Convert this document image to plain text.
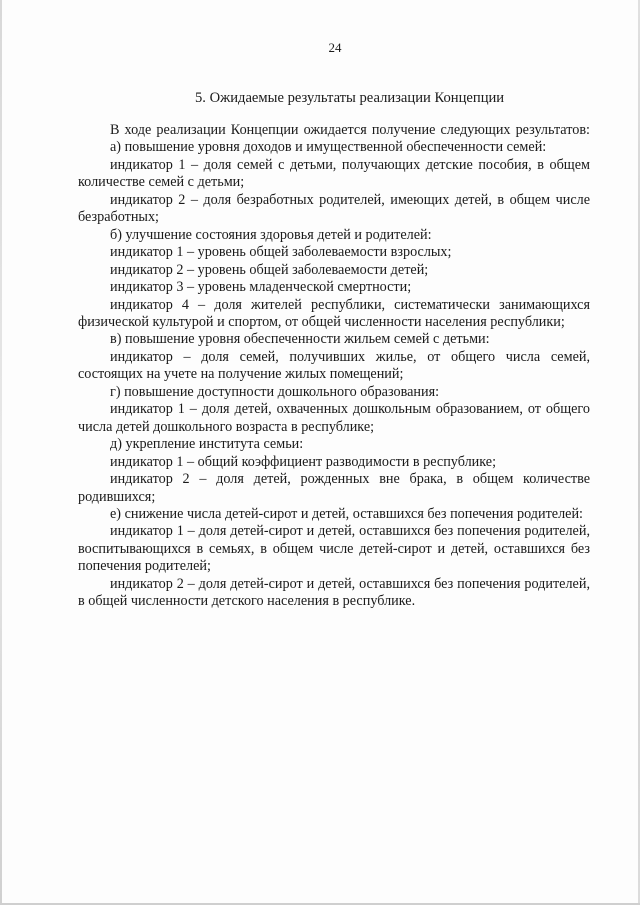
24
5. Ожидаемые результаты реализации Концепции

В ходе реализации Концепции ожидается получение следующих результатов:

а) повышение уровня доходов и имущественной обеспеченности семей:

индикатор 1 – доля семей с детьми, получающих детские пособия, в общем количестве семей с детьми;

индикатор 2 – доля безработных родителей, имеющих детей, в общем числе безработных;

б) улучшение состояния здоровья детей и родителей:

индикатор 1 – уровень общей заболеваемости взрослых;

индикатор 2 – уровень общей заболеваемости детей;

индикатор 3 – уровень младенческой смертности;

индикатор 4 – доля жителей республики, систематически занимающихся физической культурой и спортом, от общей численности населения республики;

в) повышение уровня обеспеченности жильем семей с детьми:

индикатор – доля семей, получивших жилье, от общего числа семей, состоящих на учете на получение жилых помещений;

г) повышение доступности дошкольного образования:

индикатор 1 – доля детей, охваченных дошкольным образованием, от общего числа детей дошкольного возраста в республике;

д) укрепление института семьи:

индикатор 1 – общий коэффициент разводимости в республике;

индикатор 2 – доля детей, рожденных вне брака, в общем количестве родившихся;

е) снижение числа детей-сирот и детей, оставшихся без попечения родителей:

индикатор 1 – доля детей-сирот и детей, оставшихся без попечения родителей, воспитывающихся в семьях, в общем числе детей-сирот и детей, оставшихся без попечения родителей;

индикатор 2 – доля детей-сирот и детей, оставшихся без попечения родителей, в общей численности детского населения в республике.
